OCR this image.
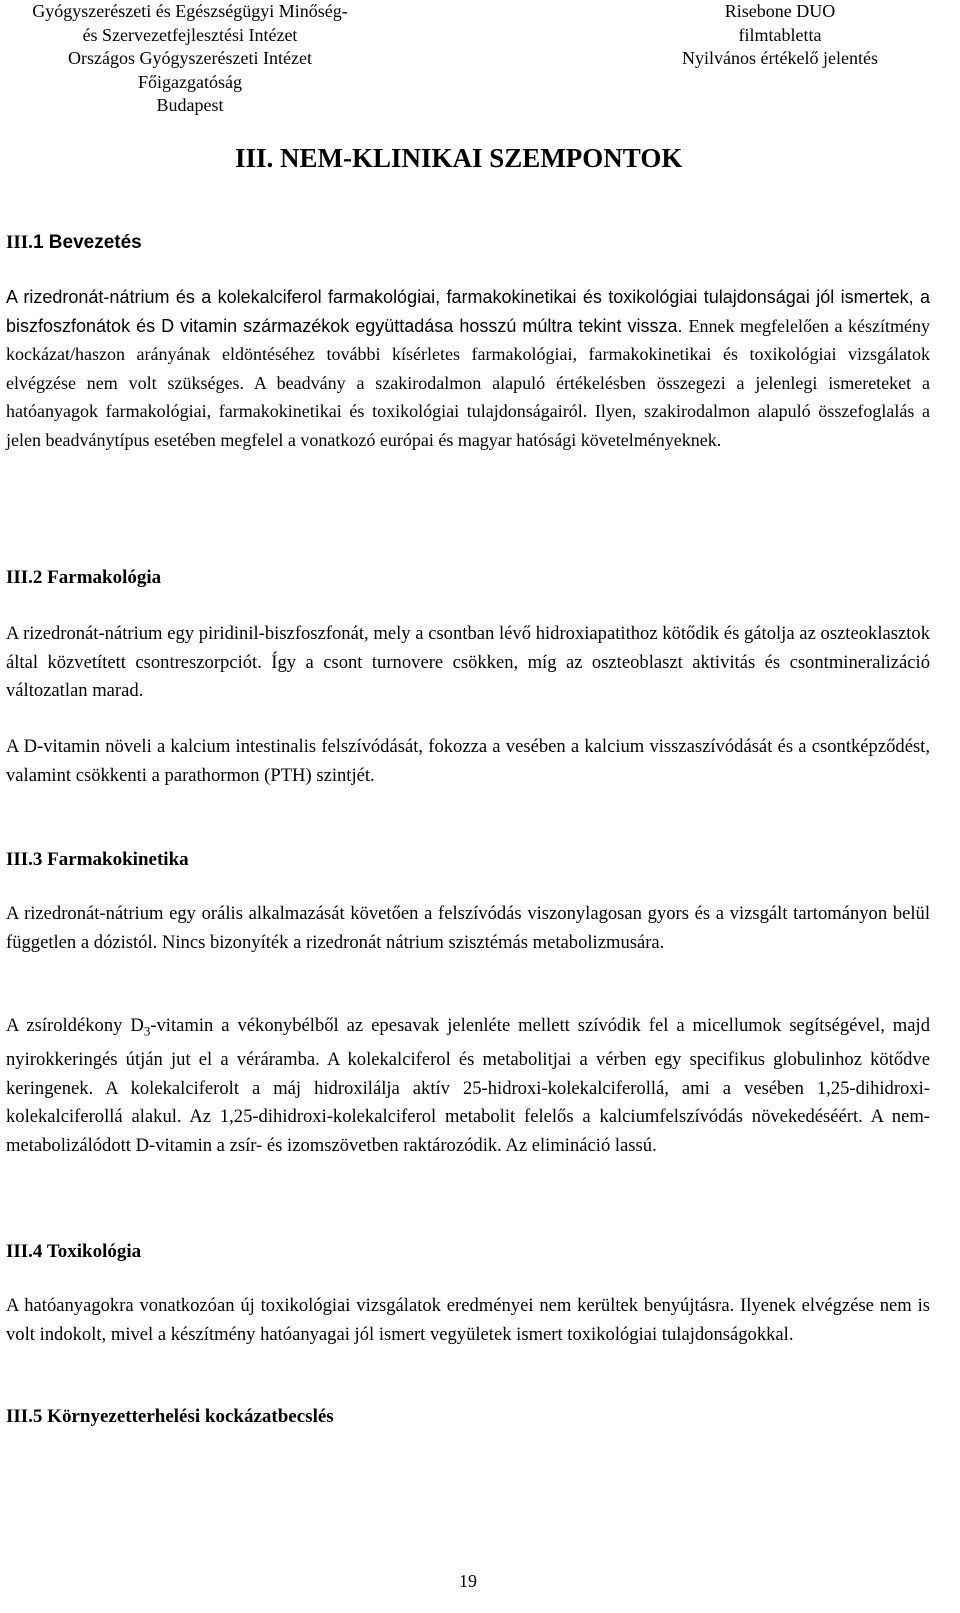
Gyógyszerészeti és Egészségügyi Minőség-
és Szervezetfejlesztési Intézet
Országos Gyógyszerészeti Intézet
Főigazgatóság
Budapest
Risebone DUO
filmtabletta
Nyilvános értékelő jelentés
III. NEM-KLINIKAI SZEMPONTOK
III.1 Bevezetés

A rizedronát-nátrium és a kolekalciferol farmakológiai, farmakokinetikai és toxikológiai tulajdonságai jól ismertek, a biszfoszfonátok és D vitamin származékok együttadása hosszú múltra tekint vissza. Ennek megfelelően a készítmény kockázat/haszon arányának eldöntéséhez további kísérletes farmakológiai, farmakokinetikai és toxikológiai vizsgálatok elvégzése nem volt szükséges. A beadvány a szakirodalmon alapuló értékelésben összegezi a jelenlegi ismereteket a hatóanyagok farmakológiai, farmakokinetikai és toxikológiai tulajdonságairól. Ilyen, szakirodalmon alapuló összefoglalás a jelen beadványtípus esetében megfelel a vonatkozó európai és magyar hatósági követelményeknek.

III.2 Farmakológia

A rizedronát-nátrium egy piridinil-biszfoszfonát, mely a csontban lévő hidroxiapatithoz kötődik és gátolja az oszteoklasztok által közvetített csontreszorpciót. Így a csont turnovere csökken, míg az oszteoblaszt aktivitás és csontmineralizáció változatlan marad.

A D-vitamin növeli a kalcium intestinalis felszívódását, fokozza a vesében a kalcium visszaszívódását és a csontképződést, valamint csökkenti a parathormon (PTH) szintjét.

III.3 Farmakokinetika

A rizedronát-nátrium egy orális alkalmazását követően a felszívódás viszonylagosan gyors és a vizsgált tartományon belül független a dózistól. Nincs bizonyíték a rizedronát nátrium szisztémás metabolizmusára.

A zsíroldékony $D_3$-vitamin a vékonybélből az epesavak jelenléte mellett szívódik fel a micellumok segítségével, majd nyirokkeringés útján jut el a véráramba. A kolekalciferol és metabolitjai a vérben egy specifikus globulinhoz kötődve keringenek. A kolekalciferolt a máj hidroxilálja aktív 25-hidroxi-kolekalciferollá, ami a vesében 1,25-dihidroxi-kolekalciferollá alakul. Az 1,25-dihidroxi-kolekalciferol metabolit felelős a kalciumfelszívódás növekedéséért. A nem-metabolizálódott D-vitamin a zsír- és izomszövetben raktározódik. Az elimináció lassú.

III.4 Toxikológia

A hatóanyagokra vonatkozóan új toxikológiai vizsgálatok eredményei nem kerültek benyújtásra. Ilyenek elvégzése nem is volt indokolt, mivel a készítmény hatóanyagai jól ismert vegyületek ismert toxikológiai tulajdonságokkal.

III.5 Környezetterhelési kockázatbecslés
19
